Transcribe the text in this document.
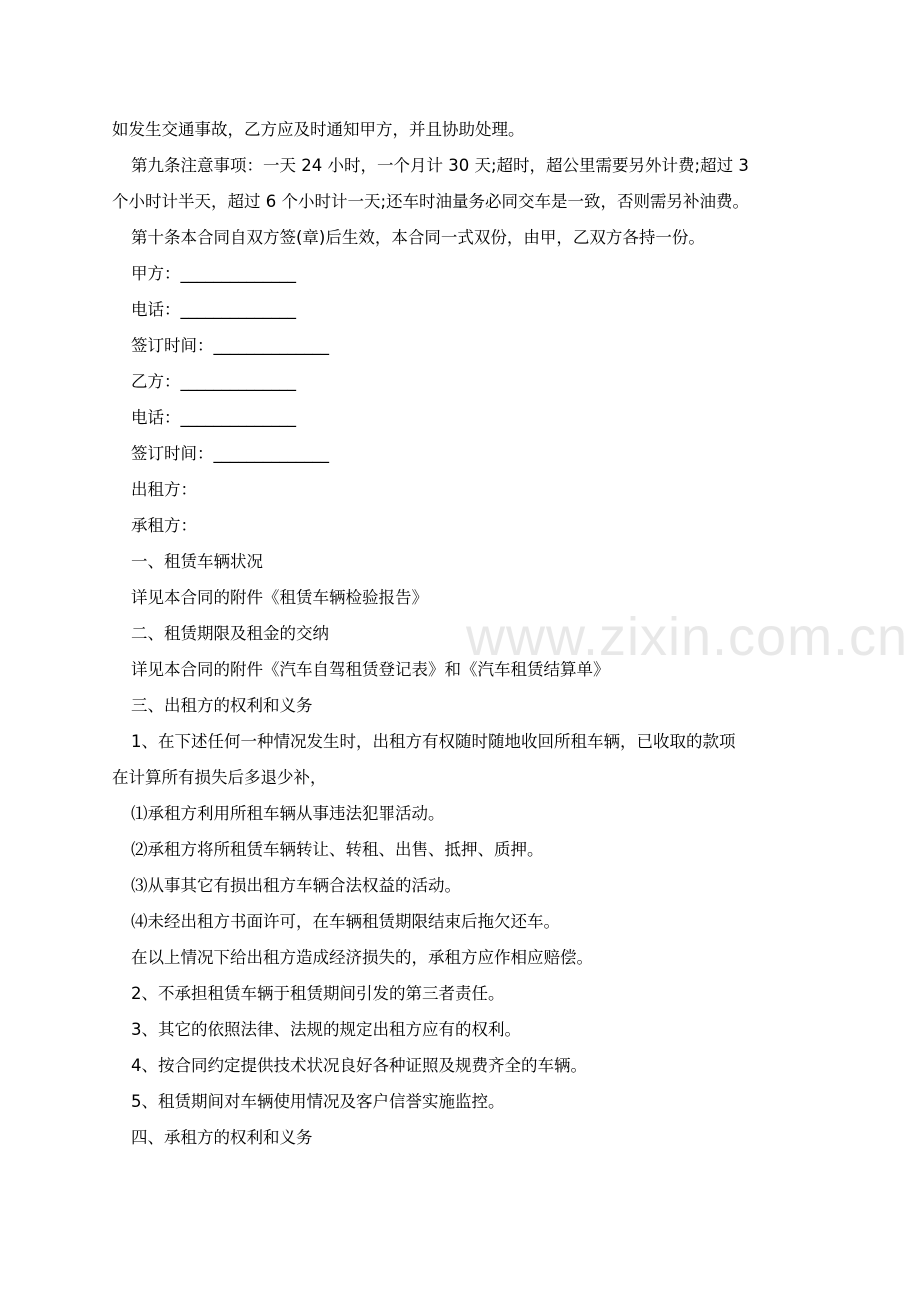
如发生交通事故，乙方应及时通知甲方，并且协助处理。

第九条注意事项：一天 24 小时，一个月计 30 天;超时，超公里需要另外计费;超过 3

个小时计半天，超过 6 个小时计一天;还车时油量务必同交车是一致，否则需另补油费。

第十条本合同自双方签(章)后生效，本合同一式双份，由甲，乙双方各持一份。

甲方：______________

电话：______________

签订时间：______________

乙方：______________

电话：______________

签订时间：______________

出租方：

承租方：

一、租赁车辆状况

详见本合同的附件《租赁车辆检验报告》

二、租赁期限及租金的交纳

详见本合同的附件《汽车自驾租赁登记表》和《汽车租赁结算单》

三、出租方的权利和义务

1、在下述任何一种情况发生时，出租方有权随时随地收回所租车辆，已收取的款项

在计算所有损失后多退少补，

⑴承租方利用所租车辆从事违法犯罪活动。

⑵承租方将所租赁车辆转让、转租、出售、抵押、质押。

⑶从事其它有损出租方车辆合法权益的活动。

⑷未经出租方书面许可，在车辆租赁期限结束后拖欠还车。

在以上情况下给出租方造成经济损失的，承租方应作相应赔偿。

2、不承担租赁车辆于租赁期间引发的第三者责任。

3、其它的依照法律、法规的规定出租方应有的权利。

4、按合同约定提供技术状况良好各种证照及规费齐全的车辆。

5、租赁期间对车辆使用情况及客户信誉实施监控。

四、承租方的权利和义务

www.zixin.com.cn
